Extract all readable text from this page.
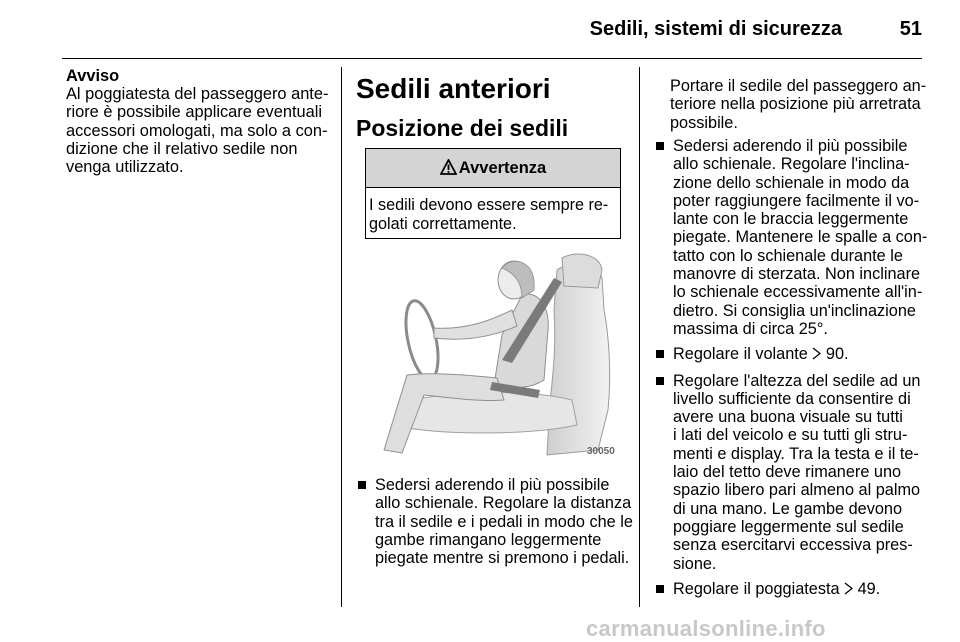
Sedili, sistemi di sicurezza	51
Avviso
Al poggiatesta del passeggero ante-
riore è possibile applicare eventuali
accessori omologati, ma solo a con-
dizione che il relativo sedile non
venga utilizzato.
Sedili anteriori
Posizione dei sedili
Avvertenza
I sedili devono essere sempre re-
golati correttamente.
30050
Sedersi aderendo il più possibile
allo schienale. Regolare la distanza
tra il sedile e i pedali in modo che le
gambe rimangano leggermente
piegate mentre si premono i pedali.
Portare il sedile del passeggero an-
teriore nella posizione più arretrata
possibile.
Sedersi aderendo il più possibile
allo schienale. Regolare l'inclina-
zione dello schienale in modo da
poter raggiungere facilmente il vo-
lante con le braccia leggermente
piegate. Mantenere le spalle a con-
tatto con lo schienale durante le
manovre di sterzata. Non inclinare
lo schienale eccessivamente all'in-
dietro. Si consiglia un'inclinazione
massima di circa 25°.
Regolare il volante 90.
Regolare l'altezza del sedile ad un
livello sufficiente da consentire di
avere una buona visuale su tutti
i lati del veicolo e su tutti gli stru-
menti e display. Tra la testa e il te-
laio del tetto deve rimanere uno
spazio libero pari almeno al palmo
di una mano. Le gambe devono
poggiare leggermente sul sedile
senza esercitarvi eccessiva pres-
sione.
Regolare il poggiatesta 49.
carmanualsonline.info
